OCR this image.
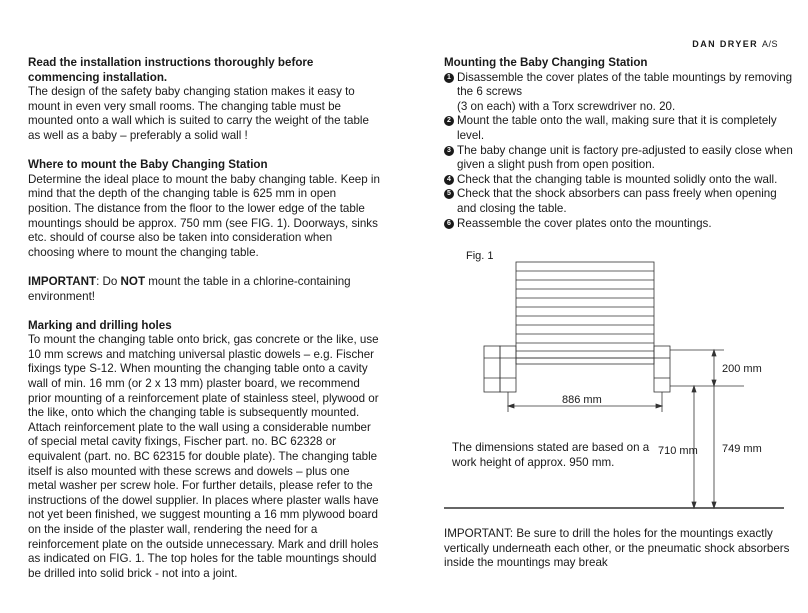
DAN DRYER A/S

Read the installation instructions thoroughly before commencing installation.

The design of the safety baby changing station makes it easy to mount in even very small rooms. The changing table must be mounted onto a wall which is suited to carry the weight of the table as well as a baby – preferably a solid wall !

Where to mount the Baby Changing Station

Determine the ideal place to mount the baby changing table. Keep in mind that the depth of the changing table is 625 mm in open position. The distance from the floor to the lower edge of the table mountings should be approx. 750 mm (see FIG. 1). Doorways, sinks etc. should of course also be taken into consideration when choosing where to mount the changing table.

IMPORTANT: Do NOT mount the table in a chlorine-containing environment!

Marking and drilling holes

To mount the changing table onto brick, gas concrete or the like, use 10 mm screws and matching universal plastic dowels – e.g. Fischer fixings type S-12. When mounting the changing table onto a cavity wall of min. 16 mm (or 2 x 13 mm) plaster board, we recommend prior mounting of a reinforcement plate of stainless steel, plywood or the like, onto which the changing table is subsequently mounted. Attach reinforcement plate to the wall using a considerable number of special metal cavity fixings, Fischer part. no. BC 62328 or equivalent (part. no. BC 62315 for double plate). The changing table itself is also mounted with these screws and dowels – plus one metal washer per screw hole. For further details, please refer to the instructions of the dowel supplier. In places where plaster walls have not yet been finished, we suggest mounting a 16 mm plywood board on the inside of the plaster wall, rendering the need for a reinforcement plate on the outside unnecessary. Mark and drill holes as indicated on FIG. 1. The top holes for the table mountings should be drilled into solid brick - not into a joint.

Mounting the Baby Changing Station

1 Disassemble the cover plates of the table mountings by removing the 6 screws
(3 on each) with a Torx screwdriver no. 20.
2 Mount the table onto the wall, making sure that it is completely level.
3 The baby change unit is factory pre-adjusted to easily close when given a slight push from open position.
4 Check that the changing table is mounted solidly onto the wall.
5 Check that the shock absorbers can pass freely when opening and closing the table.
6 Reassemble the cover plates onto the mountings.
Fig. 1
200 mm
886 mm
710 mm 749 mm
The dimensions stated are based on a work height of approx. 950 mm.
IMPORTANT: Be sure to drill the holes for the mountings exactly vertically underneath each other, or the pneumatic shock absorbers inside the mountings may break
